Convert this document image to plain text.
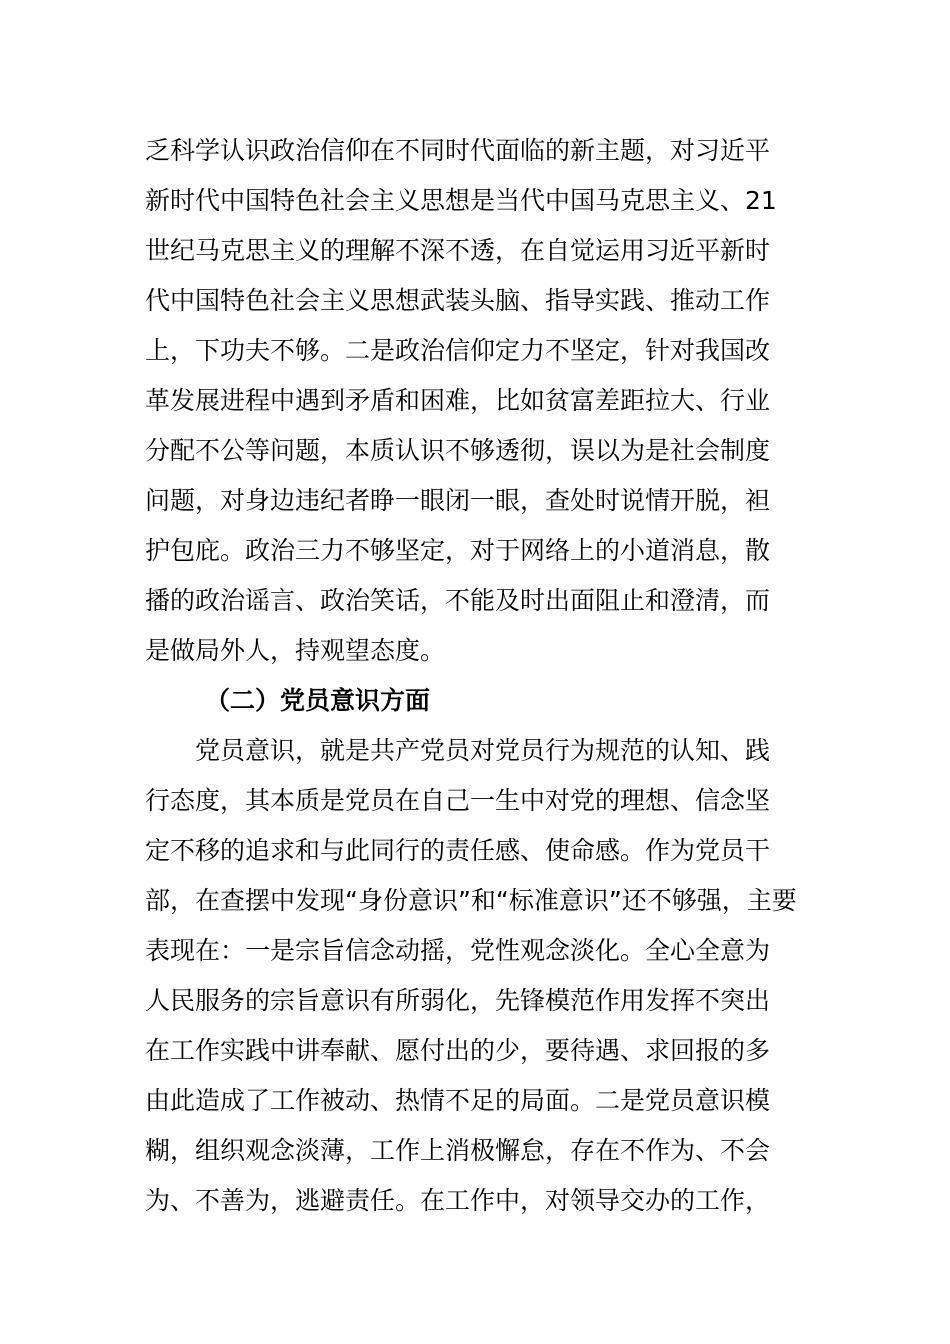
乏科学认识政治信仰在不同时代面临的新主题，对习近平
新时代中国特色社会主义思想是当代中国马克思主义、21
世纪马克思主义的理解不深不透，在自觉运用习近平新时
代中国特色社会主义思想武装头脑、指导实践、推动工作
上，下功夫不够。二是政治信仰定力不坚定，针对我国改
革发展进程中遇到矛盾和困难，比如贫富差距拉大、行业
分配不公等问题，本质认识不够透彻，误以为是社会制度
问题，对身边违纪者睁一眼闭一眼，查处时说情开脱，袒
护包庇。政治三力不够坚定，对于网络上的小道消息，散
播的政治谣言、政治笑话，不能及时出面阻止和澄清，而
是做局外人，持观望态度。
（二）党员意识方面
党员意识，就是共产党员对党员行为规范的认知、践
行态度，其本质是党员在自己一生中对党的理想、信念坚
定不移的追求和与此同行的责任感、使命感。作为党员干
部，在查摆中发现“身份意识”和“标准意识”还不够强，主要
表现在：一是宗旨信念动摇，党性观念淡化。全心全意为
人民服务的宗旨意识有所弱化，先锋模范作用发挥不突出
在工作实践中讲奉献、愿付出的少，要待遇、求回报的多
由此造成了工作被动、热情不足的局面。二是党员意识模
糊，组织观念淡薄，工作上消极懈怠，存在不作为、不会
为、不善为，逃避责任。在工作中，对领导交办的工作，
